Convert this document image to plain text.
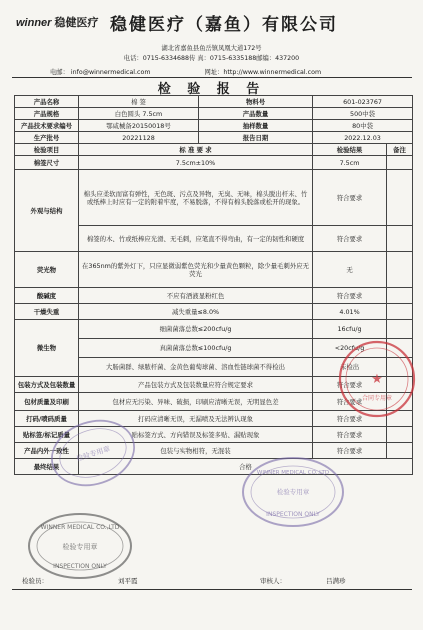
winner 稳健医疗 稳健医疗（嘉鱼）有限公司
湖北省嘉鱼县鱼岳镇凤凰大道172号
电话：0715-6334688传 真：0715-6335188邮编：437200
电邮： info@winnermedical.com	网址：http://www.winnermedical.com
检 验 报 告
产品名称	棉 签	物料号	601-023767	
产品规格	白色圆头 7.5cm	产品数量	500中袋	
产品技术要求编号	鄂咸械备20150018号	抽样数量	80中袋	
生产批号	20221128	报告日期	2022.12.03	
检验项目	标 准 要 求		检验结果	备注
棉签尺寸	7.5cm±10%		7.5cm	
外观与结构	棉头应柔软而富有弹性，无色斑、污点及异物，无臭、无味，棉头脱出杆末、竹或纸棒上时应有一定的附着牢度，不易脱落，不得有棉头脱落或松开的现象。		符合要求	
	棉签的木、竹或纸棒应光滑、无毛刺，应笔直不得弯曲，有一定的韧性和硬度		符合要求	
荧光物	在365nm的紫外灯下，只应显微弱紫色荧光和少量黄色颗粒，除少量毛刺外应无荧光		无	
酸碱度	不应有酒液显粉红色		符合要求	
干燥失重	减失重量≤8.0%		4.01%	
微生物	细菌菌落总数≤200cfu/g		16cfu/g	
	真菌菌落总数≤100cfu/g		<20cfu/g	
	大肠菌群、绿脓杆菌、金黄色葡萄球菌、溶血性链球菌不得检出		未检出	
包装方式及包装数量	产品包装方式及包装数量应符合规定要求		符合要求	
包材质量及印刷	包材应无污染、异味、破损，印刷应清晰无误，无明显色差		符合要求	
打码/喷码质量	打码应清晰无误，无漏喷及无法辨认现象		符合要求	
贴标签/标记质量	贴标签方式、方向错误及标签多贴、漏贴现象		符合要求	
产品内外一致性	包装与实物相符，无混装		符合要求	
最终结果	合格			
检验员：	刘平霞	审核人：	吕满珍
★
合同专用章
检验专用章
WINNER MEDICAL CO.,LTD
检验专用章
INSPECTION ONLY
WINNER MEDICAL CO.,LTD
检验专用章
INSPECTION ONLY
